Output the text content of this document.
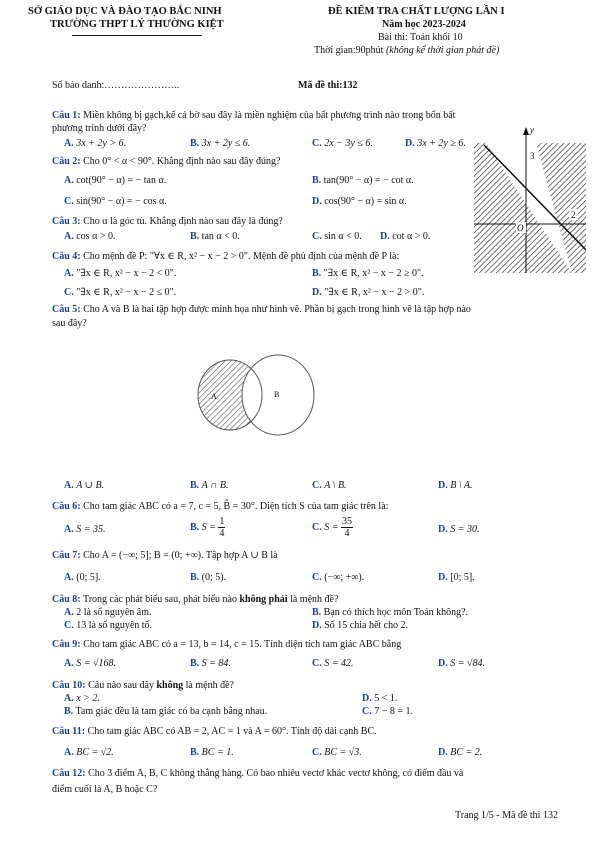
SỞ GIÁO DỤC VÀ ĐÀO TẠO BẮC NINH
TRƯỜNG THPT LÝ THƯỜNG KIỆT
ĐỀ KIỂM TRA CHẤT LƯỢNG LẦN I
Năm học 2023-2024
Bài thi: Toán khối 10
Thời gian:90phút (không kể thời gian phát đề)
Số báo danh:…………………..	Mã đề thi:132
y
3
2
O
Câu 1: Miền không bị gạch,kể cả bờ sau đây là miền nghiệm của bất phương trình nào trong bốn bất
phương trình dưới đây?
A. 3x + 2y > 6.	B. 3x + 2y ≤ 6.	C. 2x − 3y ≤ 6.	D. 3x + 2y ≥ 6.
Câu 2: Cho 0° < α < 90°. Khẳng định nào sau đây đúng?
A. cot(90° − α) = − tan α.	B. tan(90° − α) = − cot α.
C. sin(90° − α) = − cos α.	D. cos(90° − α) = sin α.
Câu 3: Cho α là góc tù. Khẳng định nào sau đây là đúng?
A. cos α > 0.	B. tan α < 0.	C. sin α < 0. D. cot α > 0.
Câu 4: Cho mệnh đề P: "∀x ∈ R, x² − x − 2 > 0". Mệnh đề phủ định của mệnh đề P là:
A. "∃x ∈ R, x² − x − 2 < 0".	B. "∃x ∈ R, x² − x − 2 ≥ 0".
C. "∃x ∈ R, x² − x − 2 ≤ 0".	D. "∃x ∈ R, x² − x − 2 > 0".
Câu 5: Cho A và B là hai tập hợp được minh họa như hình vẽ. Phần bị gạch trong hình vẽ là tập hợp nào
sau đây?
A	B
A. A ∪ B.	B. A ∩ B.	C. A \ B.	D. B \ A.
Câu 6: Cho tam giác ABC có a = 7, c = 5, B̂ = 30°. Diện tích S của tam giác trên là:
A. S = 35.	B. $S = \frac{1}{4}$	C. $S = \frac{35}{4}$	D. S = 30.
Câu 7: Cho A = (−∞; 5]; B = (0; +∞). Tập hợp A ∪ B là
A. (0; 5].	B. (0; 5).	C. (−∞; +∞).	D. [0; 5].
Câu 8: Trong các phát biểu sau, phát biểu nào không phải là mệnh đề?
A. 2 là số nguyên âm.	B. Bạn có thích học môn Toán không?.
C. 13 là số nguyên tố.	D. Số 15 chia hết cho 2.
Câu 9: Cho tam giác ABC có a = 13, b = 14, c = 15. Tính diện tích tam giác ABC bằng
A. S = √168.	B. S = 84.	C. S = 42.	D. S = √84.
Câu 10: Câu nào sau đây không là mệnh đề?
A. x > 2.	D. 5 < 1.
B. Tam giác đều là tam giác có ba cạnh bằng nhau.	C. 7 − 8 = 1.
Câu 11: Cho tam giác ABC có AB = 2, AC = 1 và A = 60°. Tính độ dài cạnh BC.
A. BC = √2.	B. BC = 1.	C. BC = √3.	D. BC = 2.
Câu 12: Cho 3 điểm A, B, C không thẳng hàng. Có bao nhiêu vectơ khác vectơ không, có điểm đầu và
điểm cuối là A, B hoặc C?
Trang 1/5 - Mã đề thi 132
